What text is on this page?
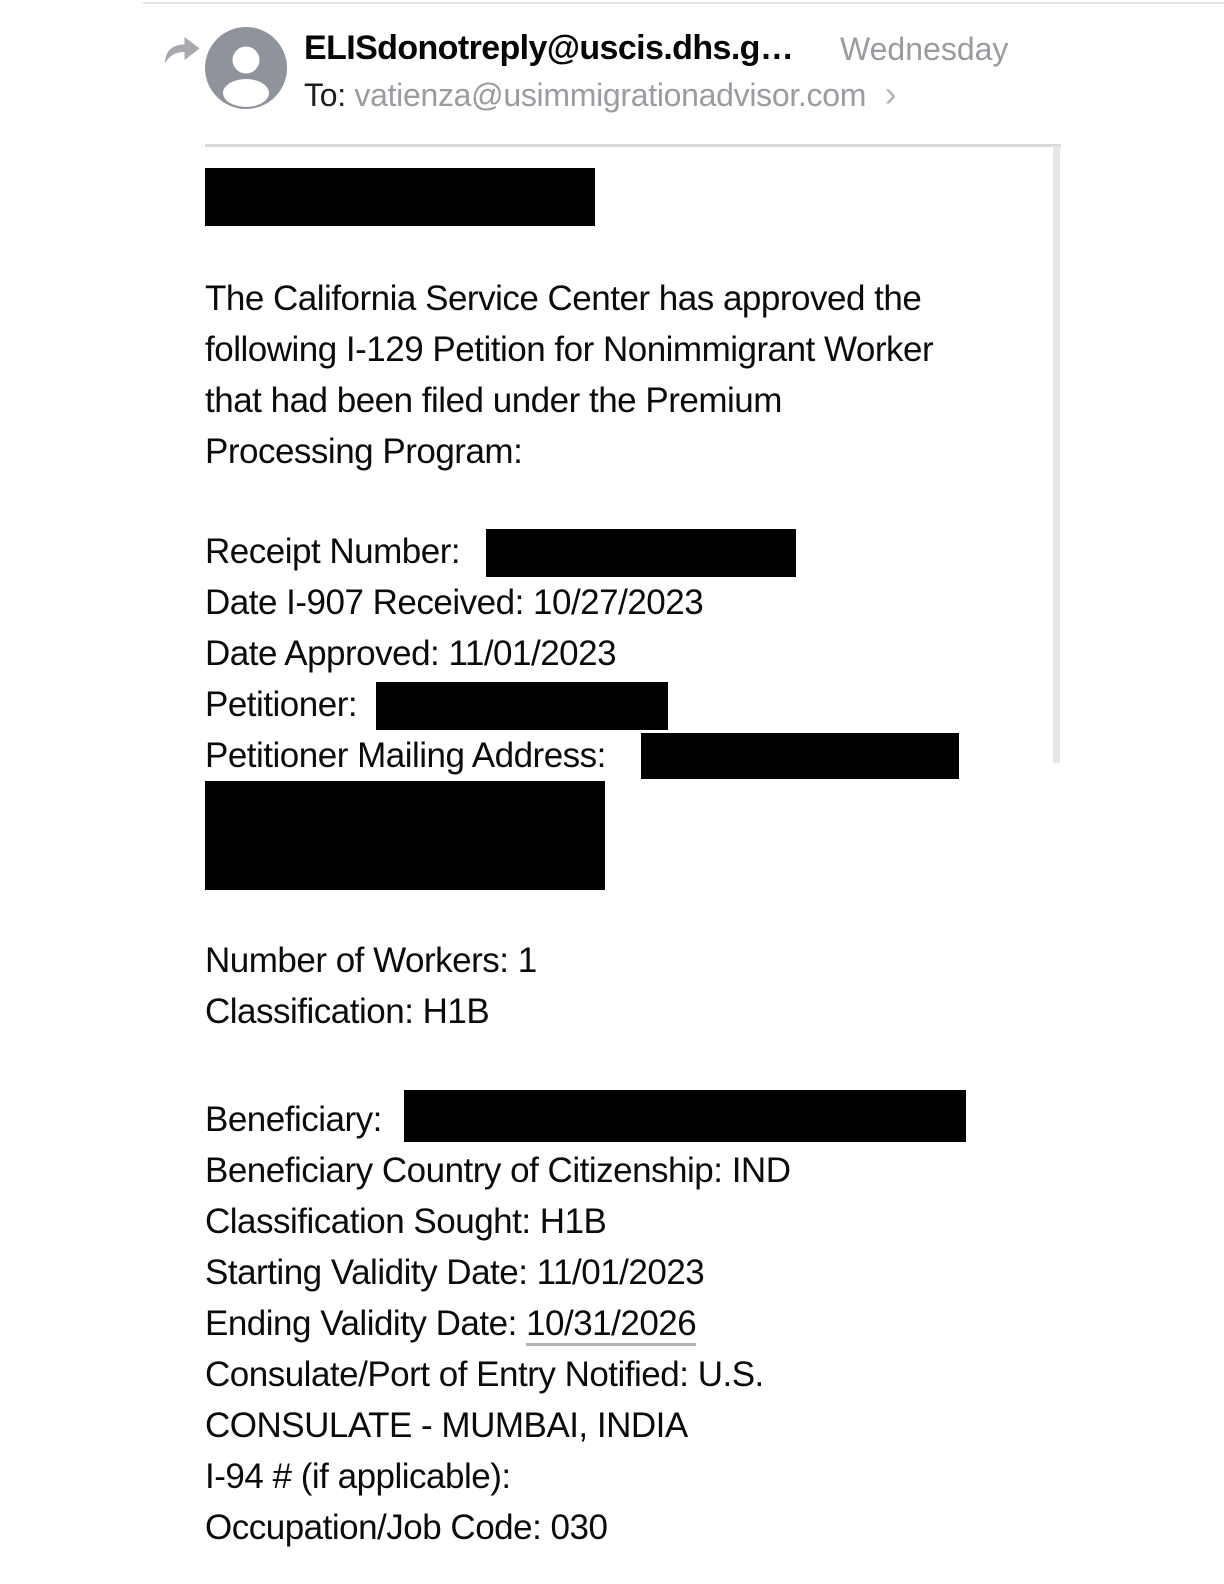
ELISdonotreply@uscis.dhs.g… Wednesday
To: vatienza@usimmigrationadvisor.com ›
The California Service Center has approved the
following I-129 Petition for Nonimmigrant Worker
that had been filed under the Premium
Processing Program:
Receipt Number:
Date I-907 Received: 10/27/2023
Date Approved: 11/01/2023
Petitioner:
Petitioner Mailing Address:
Number of Workers: 1
Classification: H1B
Beneficiary:
Beneficiary Country of Citizenship: IND
Classification Sought: H1B
Starting Validity Date: 11/01/2023
Ending Validity Date: 10/31/2026
Consulate/Port of Entry Notified: U.S.
CONSULATE - MUMBAI, INDIA
I-94 # (if applicable):
Occupation/Job Code: 030
